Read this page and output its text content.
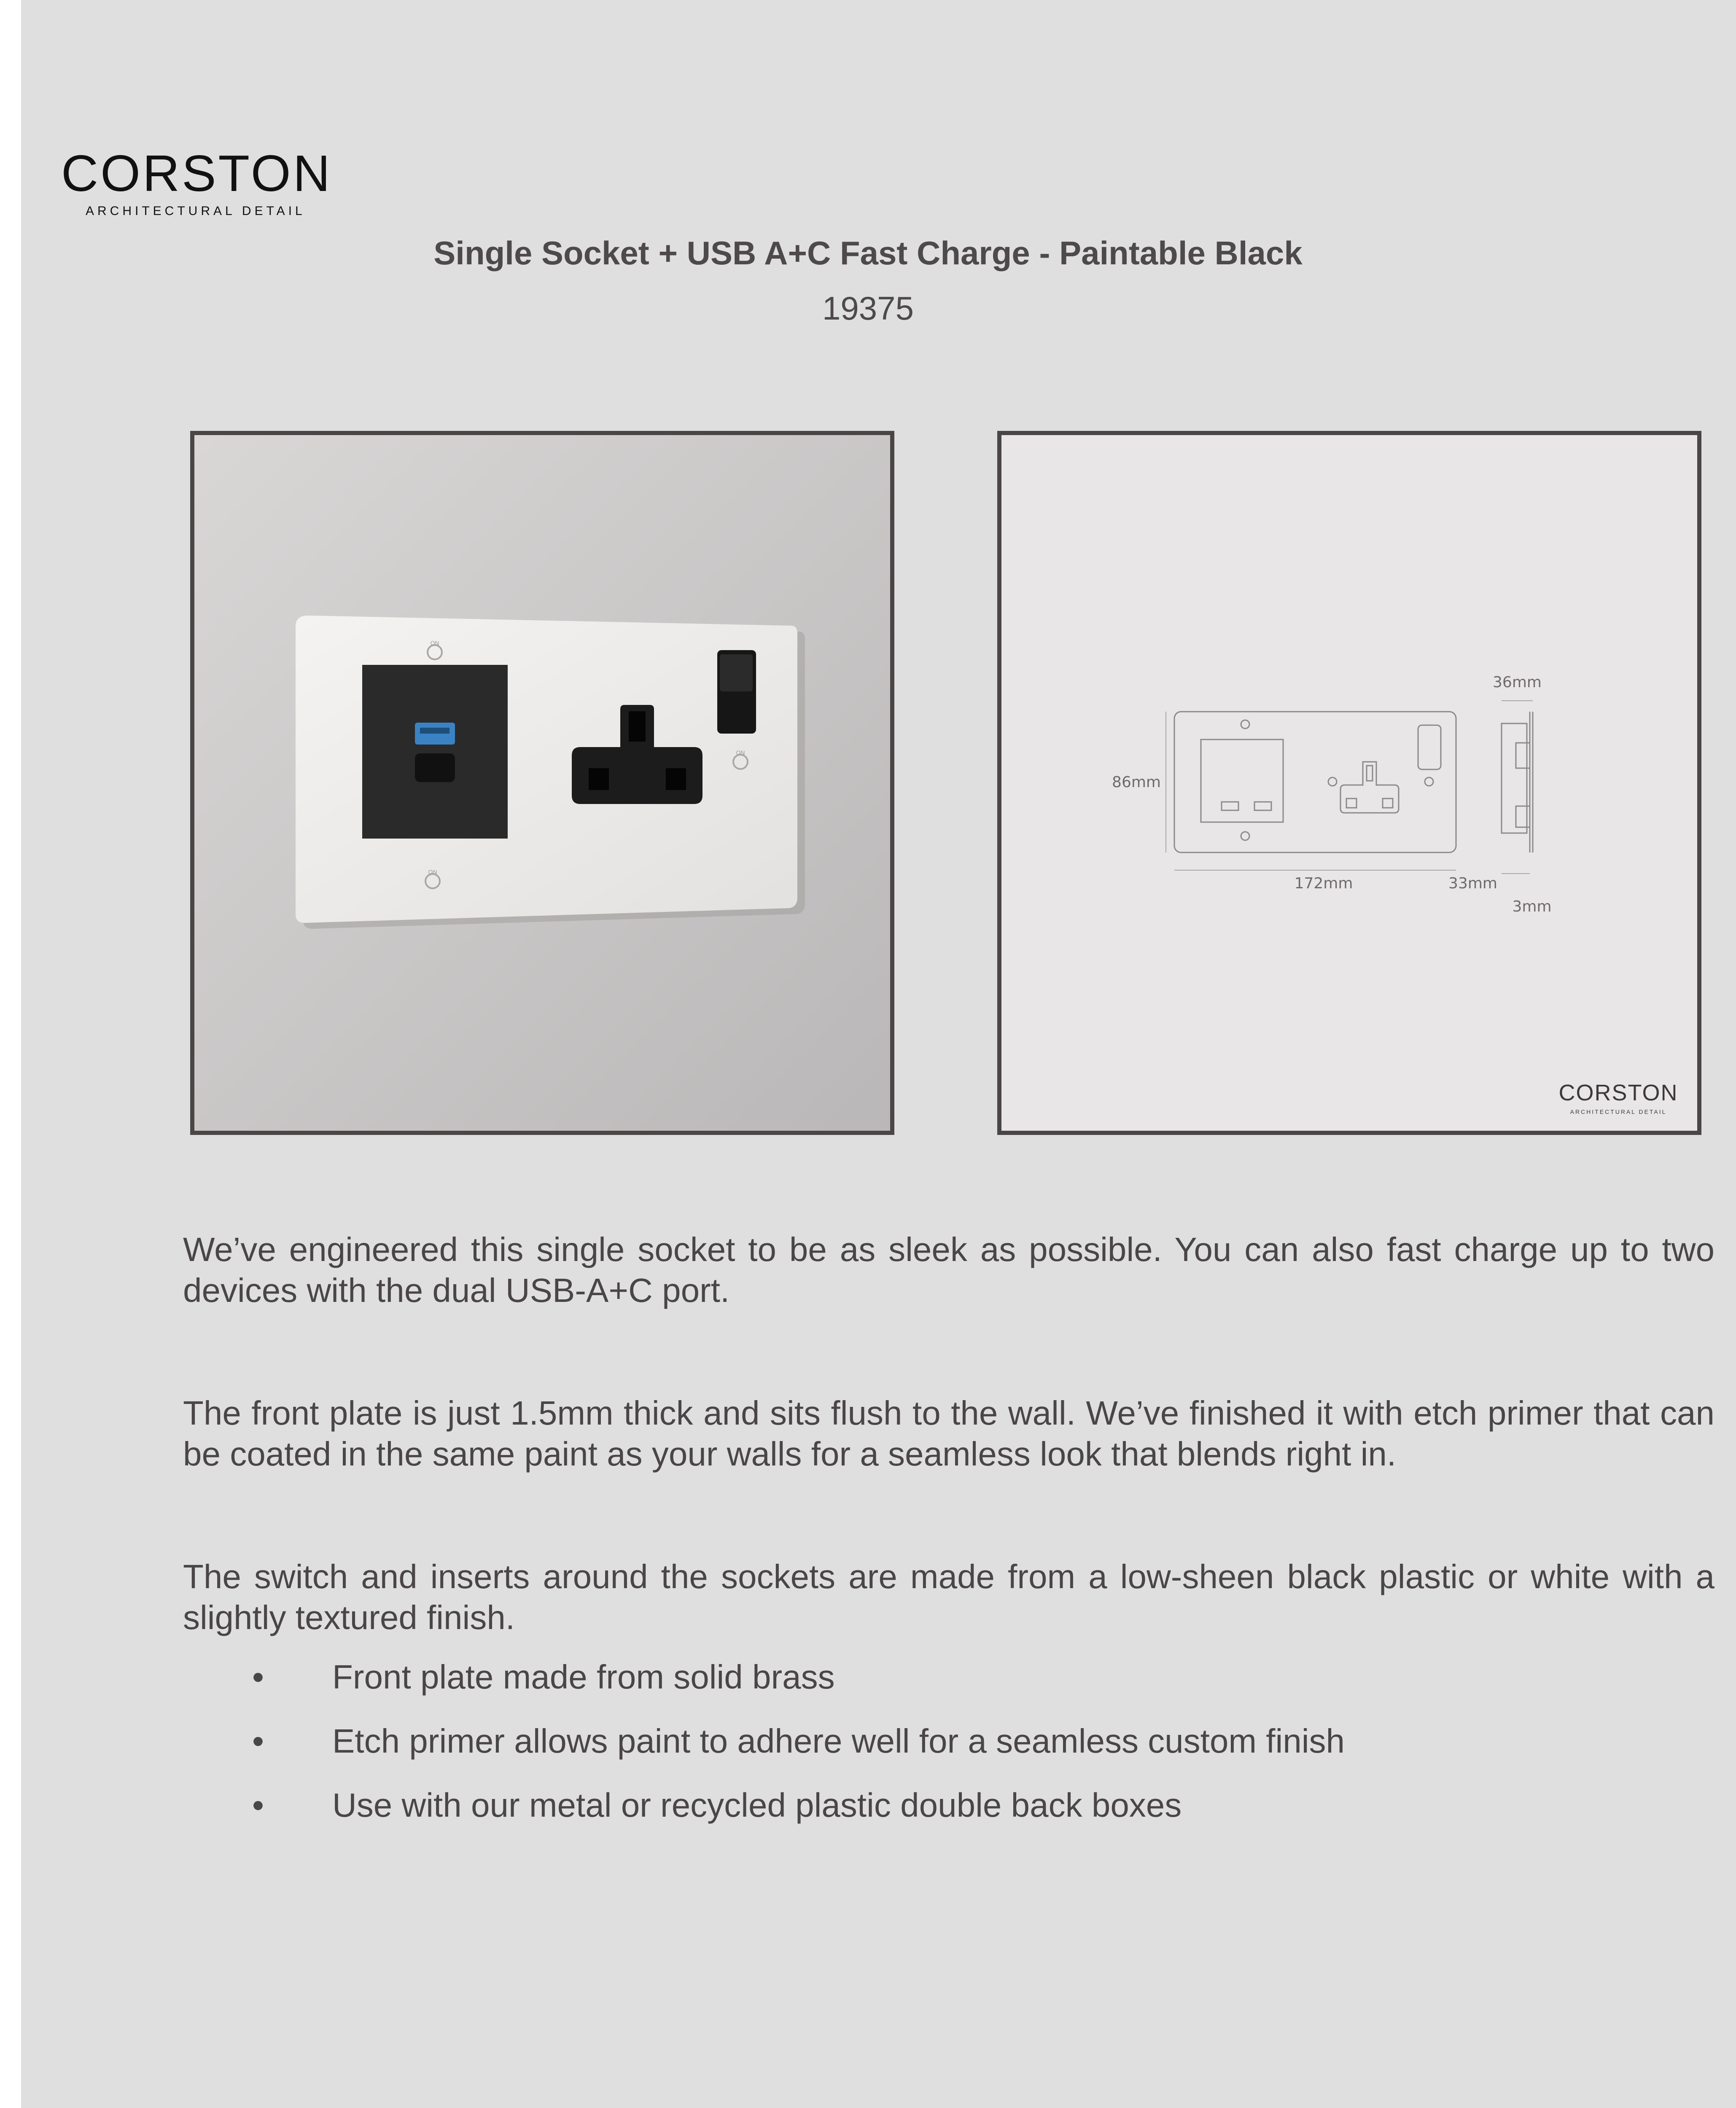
CORSTON
ARCHITECTURAL DETAIL
Single Socket + USB A+C Fast Charge - Paintable Black
19375
ON
ON
ON
36mm
86mm
172mm	33mm
3mm
CORSTON
ARCHITECTURAL DETAIL

We’ve engineered this single socket to be as sleek as possible. You can also fast charge up to two devices with the dual USB-A+C port.

The front plate is just 1.5mm thick and sits flush to the wall. We’ve finished it with etch primer that can be coated in the same paint as your walls for a seamless look that blends right in.

The switch and inserts around the sockets are made from a low-sheen black plastic or white with a slightly textured finish.

• Front plate made from solid brass
• Etch primer allows paint to adhere well for a seamless custom finish
• Use with our metal or recycled plastic double back boxes
